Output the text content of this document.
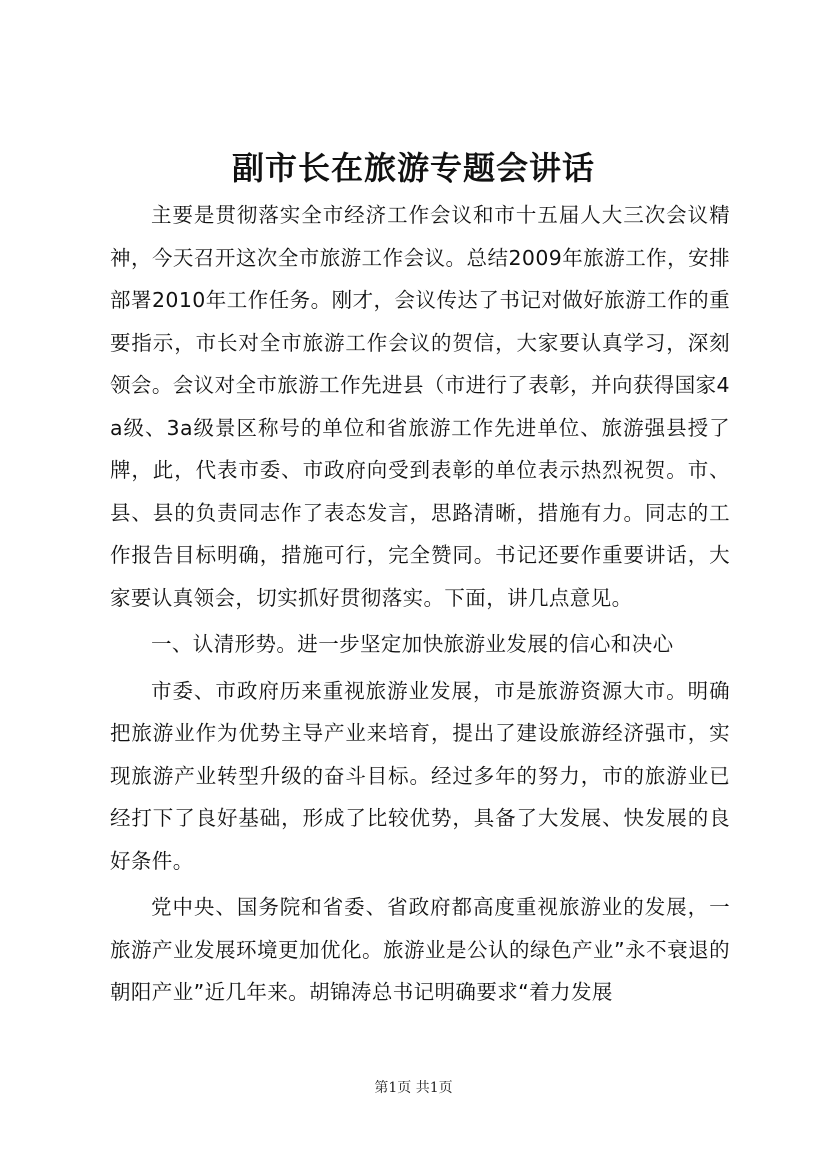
副市长在旅游专题会讲话

主要是贯彻落实全市经济工作会议和市十五届人大三次会议精神，今天召开这次全市旅游工作会议。总结2009年旅游工作，安排部署2010年工作任务。刚才，会议传达了书记对做好旅游工作的重要指示，市长对全市旅游工作会议的贺信，大家要认真学习，深刻领会。会议对全市旅游工作先进县（市进行了表彰，并向获得国家4a级、3a级景区称号的单位和省旅游工作先进单位、旅游强县授了牌，此，代表市委、市政府向受到表彰的单位表示热烈祝贺。市、县、县的负责同志作了表态发言，思路清晰，措施有力。同志的工作报告目标明确，措施可行，完全赞同。书记还要作重要讲话，大家要认真领会，切实抓好贯彻落实。下面，讲几点意见。

一、认清形势。进一步坚定加快旅游业发展的信心和决心

市委、市政府历来重视旅游业发展，市是旅游资源大市。明确把旅游业作为优势主导产业来培育，提出了建设旅游经济强市，实现旅游产业转型升级的奋斗目标。经过多年的努力，市的旅游业已经打下了良好基础，形成了比较优势，具备了大发展、快发展的良好条件。

党中央、国务院和省委、省政府都高度重视旅游业的发展，一旅游产业发展环境更加优化。旅游业是公认的绿色产业”永不衰退的朝阳产业”近几年来。胡锦涛总书记明确要求“着力发展

第1页 共1页
